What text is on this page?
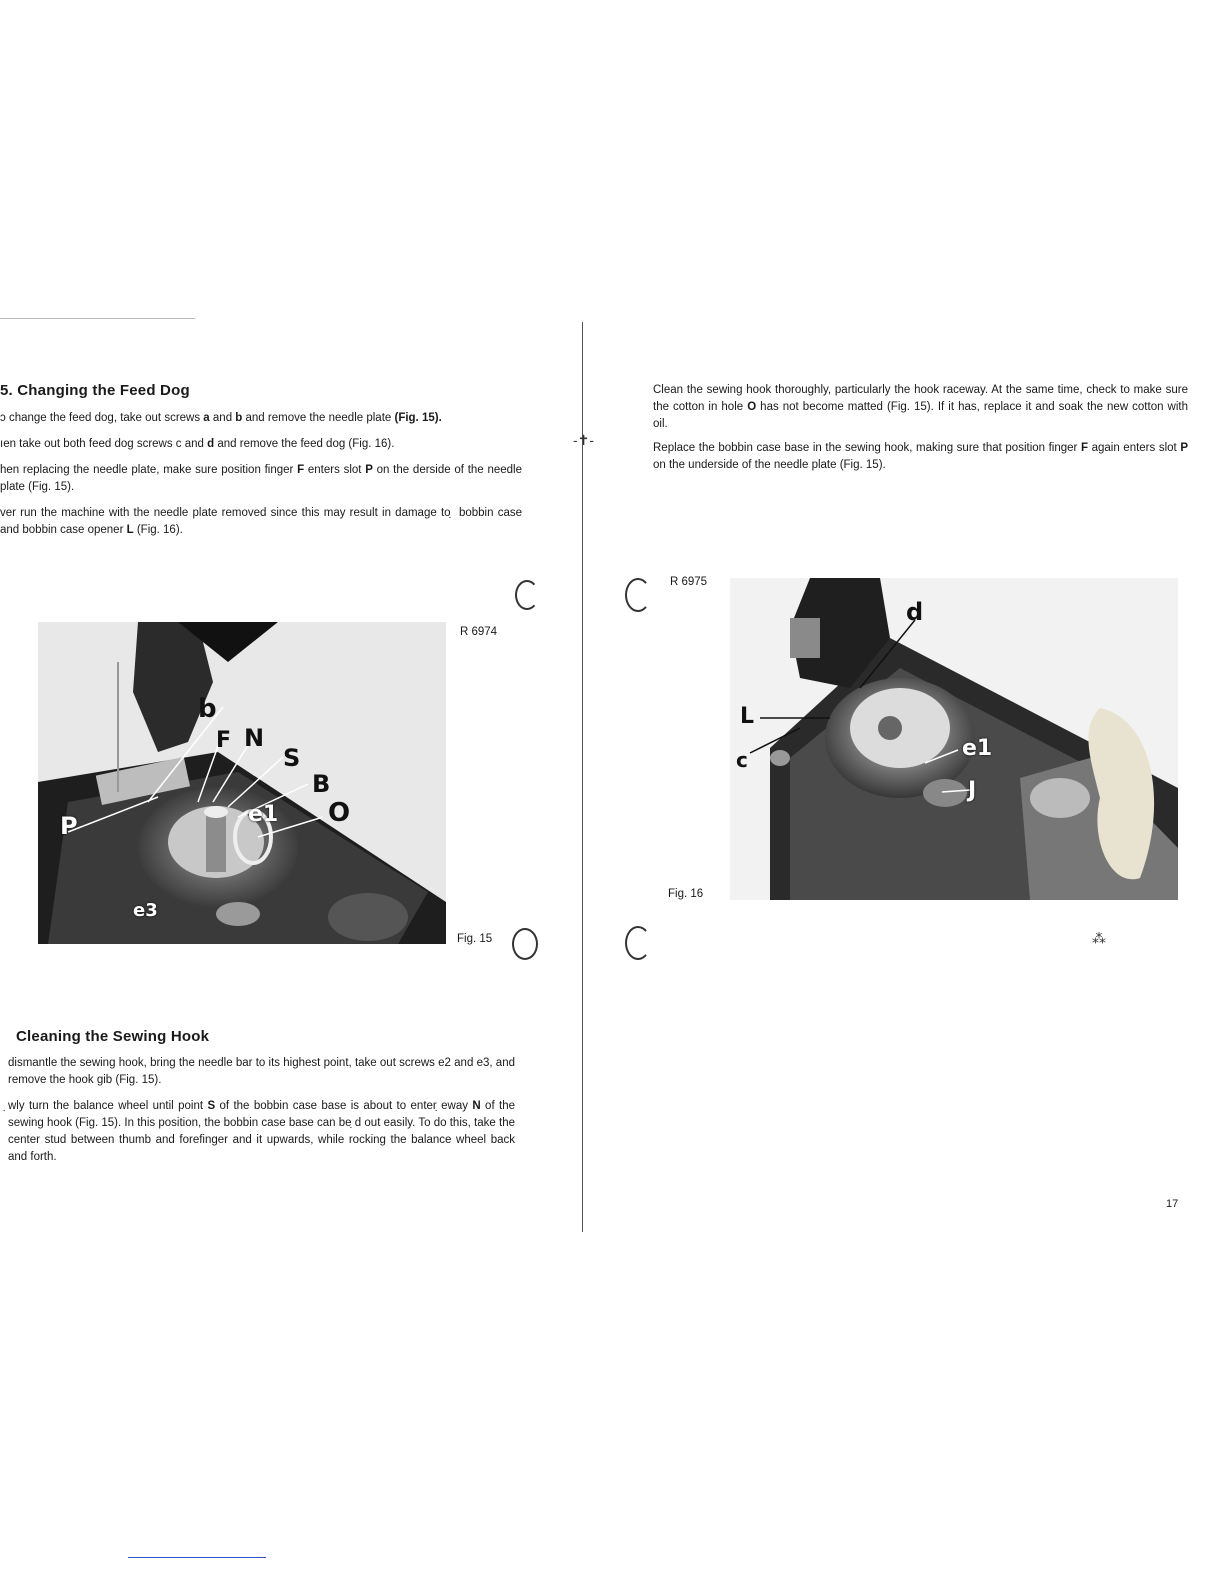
5. Changing the Feed Dog
ɔ change the feed dog, take out screws a and b and remove the needle plate (Fig. 15).
ıen take out both feed dog screws c and d and remove the feed dog (Fig. 16).
hen replacing the needle plate, make sure position finger F enters slot P on the derside of the needle plate (Fig. 15).
̣ver run the machine with the needle plate removed since this may result in damage to ̣ bobbin case and bobbin case opener L (Fig. 16).
b
F N
S
B
O
P	e1
e3
R 6974
Fig. 15
Cleaning the Sewing Hook
dismantle the sewing hook, bring the needle bar to its highest point, take out screws e2 and e3, and remove the hook gib (Fig. 15).
̣wly turn the balance wheel until point S of the bobbin case base is about to enter ̣eway N of the sewing hook (Fig. 15). In this position, the bobbin case base can be ̣d out easily. To do this, take the center stud between thumb and forefinger and it upwards, while rocking the balance wheel back and forth.
-✝-
Clean the sewing hook thoroughly, particularly the hook raceway. At the same time, check to make sure the cotton in hole O has not become matted (Fig. 15). If it has, replace it and soak the new cotton with oil.
Replace the bobbin case base in the sewing hook, making sure that position finger F again enters slot P on the underside of the needle plate (Fig. 15).
R 6975
d
L
c	e1
J
Fig. 16
⁂
17
